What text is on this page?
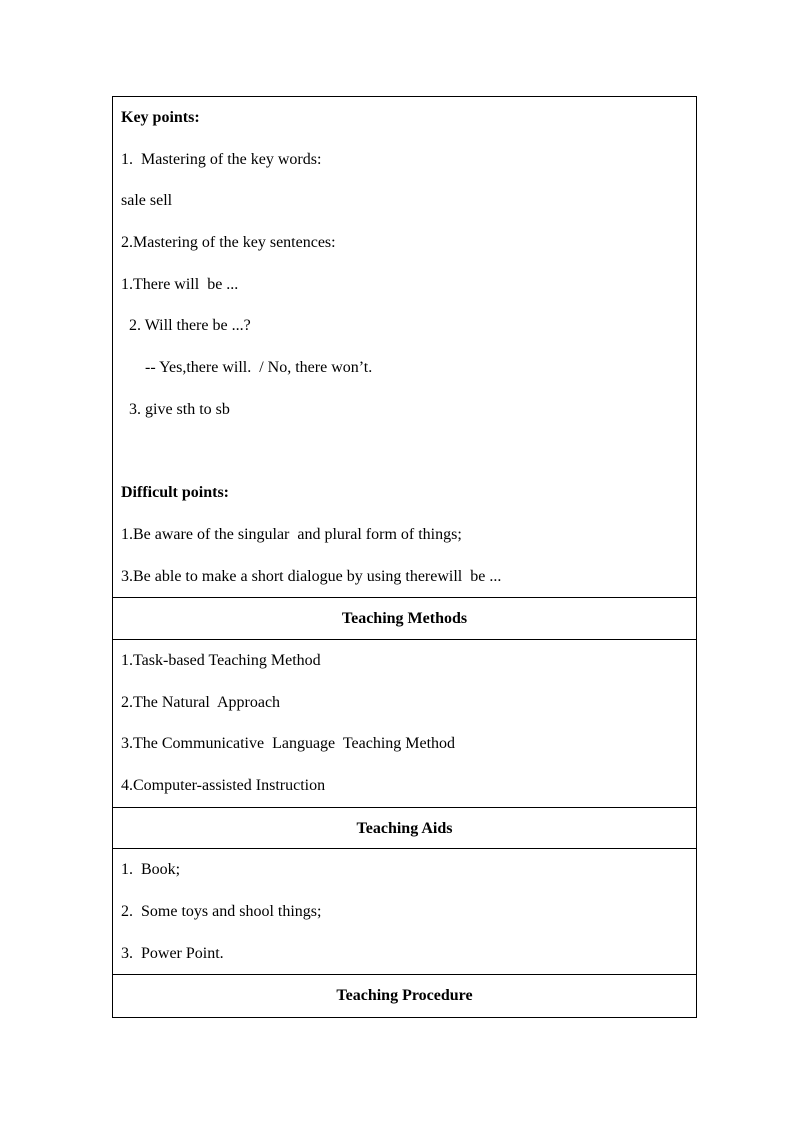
Key points:
1.  Mastering of the key words:
sale sell
2.Mastering of the key sentences:
1.There will  be ...
2. Will there be ...?
-- Yes,there will.  / No, there won’t.
3. give sth to sb
Difficult points:
1.Be aware of the singular  and plural form of things;
3.Be able to make a short dialogue by using therewill  be ...
Teaching Methods
1.Task-based Teaching Method
2.The Natural  Approach
3.The Communicative  Language  Teaching Method
4.Computer-assisted Instruction
Teaching Aids
1.  Book;
2.  Some toys and shool things;
3.  Power Point.
Teaching Procedure
